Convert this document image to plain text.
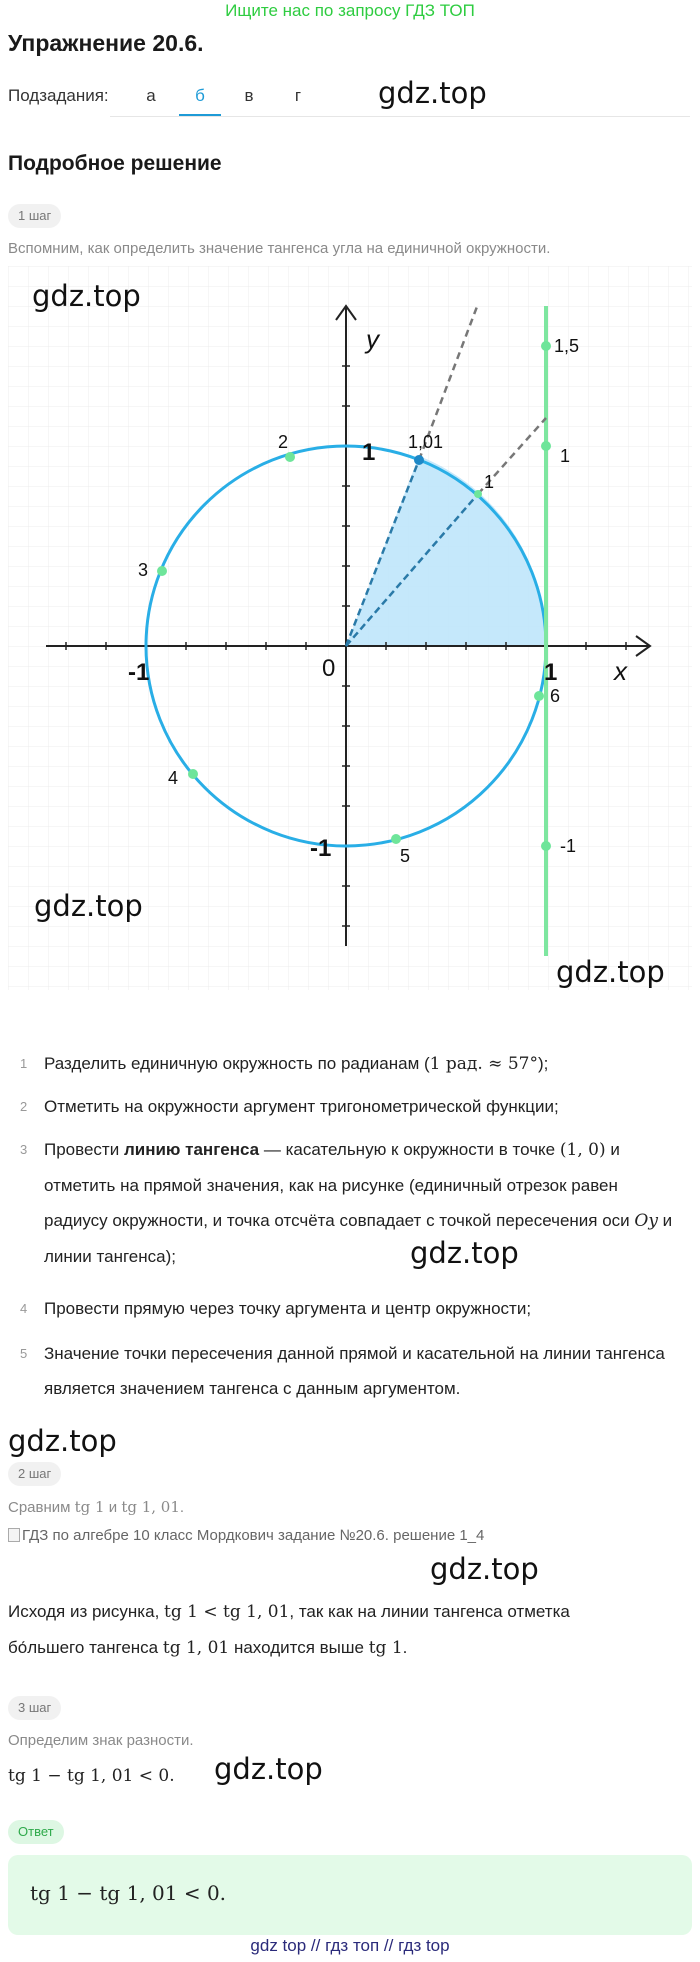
Ищите нас по запросу ГДЗ ТОП
Упражнение 20.6.
Подзадания:	а	б	в	г	gdz.top
Подробное решение
1 шаг
Вспомним, как определить значение тангенса угла на единичной окружности.
y
x
0	1
-1
1
-1
1
2
3
4
5
6
1,01
1,5
1
-1
gdz.top
gdz.top
gdz.top
1 Разделить единичную окружность по радианам (1 рад. ≈ 57°);
2 Отметить на окружности аргумент тригонометрической функции;
3 Провести линию тангенса — касательную к окружности в точке (1, 0) и отметить на прямой значения, как на рисунке (единичный отрезок равен радиусу окружности, и точка отсчёта совпадает с точкой пересечения оси Oy и линии тангенса);
4 Провести прямую через точку аргумента и центр окружности;
5 Значение точки пересечения данной прямой и касательной на линии тангенса является значением тангенса с данным аргументом.
gdz.top
gdz.top
2 шаг
Сравним tg 1 и tg 1, 01.
ГДЗ по алгебре 10 класс Мордкович задание №20.6. решение 1_4
gdz.top
Исходя из рисунка, tg 1 < tg 1, 01, так как на линии тангенса отметка
бо́льшего тангенса tg 1, 01 находится выше tg 1.
3 шаг
Определим знак разности.
tg 1 − tg 1, 01 < 0. gdz.top
Ответ
tg 1 − tg 1, 01 < 0.
gdz top // гдз топ // гдз top
